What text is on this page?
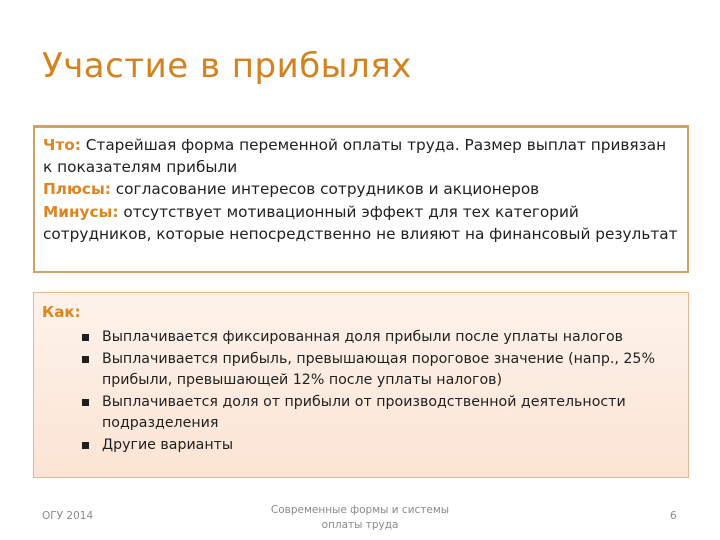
Участие в прибылях
Что: Старейшая форма переменной оплаты труда. Размер выплат привязан к показателям прибыли
Плюсы: согласование интересов сотрудников и акционеров
Минусы: отсутствует мотивационный эффект для тех категорий сотрудников, которые непосредственно не влияют на финансовый результат
Как:
Выплачивается фиксированная доля прибыли после уплаты налогов
Выплачивается прибыль, превышающая пороговое значение (напр., 25% прибыли, превышающей 12% после уплаты налогов)
Выплачивается доля от прибыли от производственной деятельности подразделения
Другие варианты
ОГУ 2014	Современные формы и системы оплаты труда
6
